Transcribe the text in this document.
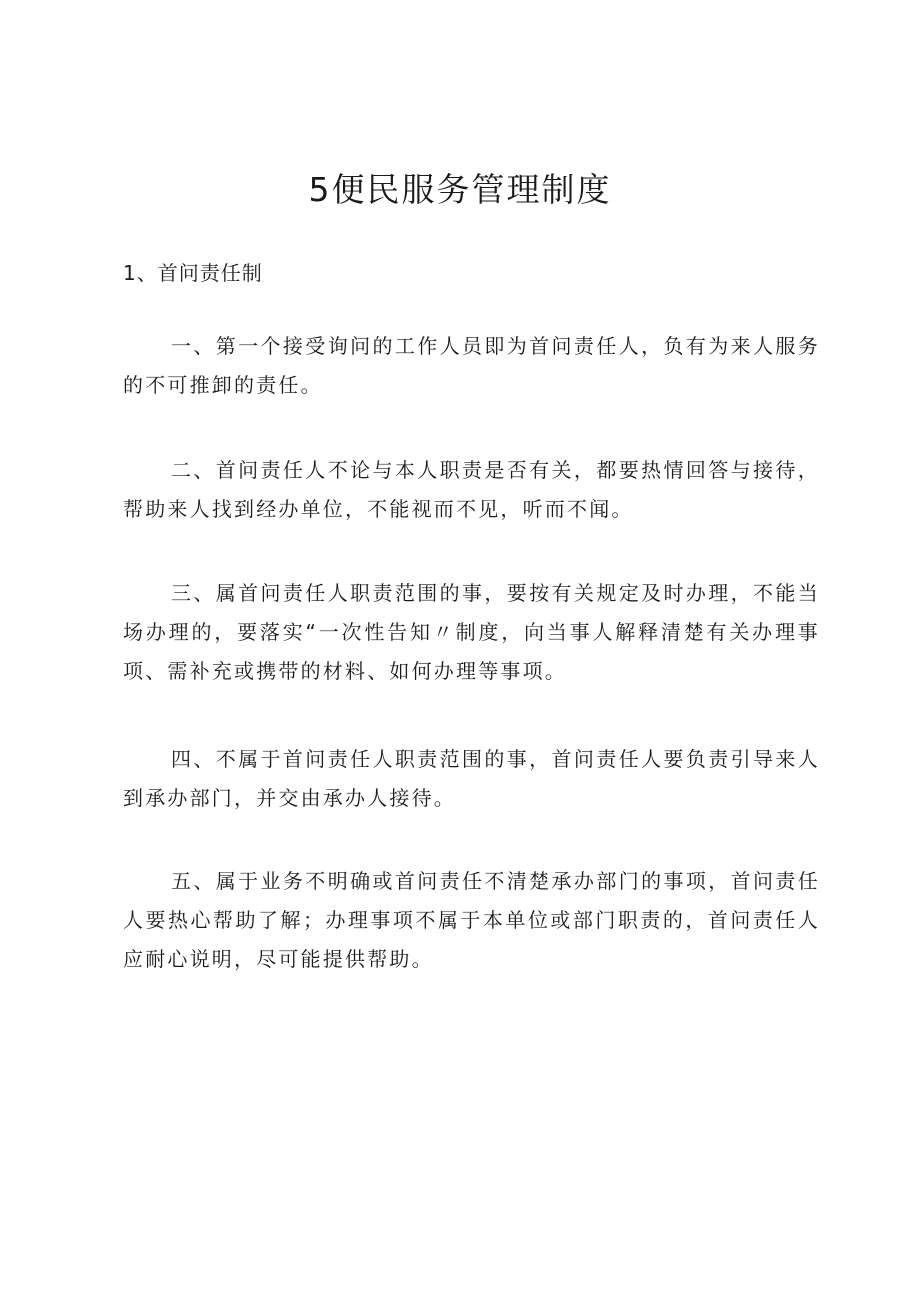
5便民服务管理制度
1、首问责任制

一、第一个接受询问的工作人员即为首问责任人，负有为来人服务的不可推卸的责任。

二、首问责任人不论与本人职责是否有关，都要热情回答与接待，帮助来人找到经办单位，不能视而不见，听而不闻。

三、属首问责任人职责范围的事，要按有关规定及时办理，不能当场办理的，要落实“一次性告知〃制度，向当事人解释清楚有关办理事项、需补充或携带的材料、如何办理等事项。

四、不属于首问责任人职责范围的事，首问责任人要负责引导来人到承办部门，并交由承办人接待。

五、属于业务不明确或首问责任不清楚承办部门的事项，首问责任人要热心帮助了解；办理事项不属于本单位或部门职责的，首问责任人应耐心说明，尽可能提供帮助。
